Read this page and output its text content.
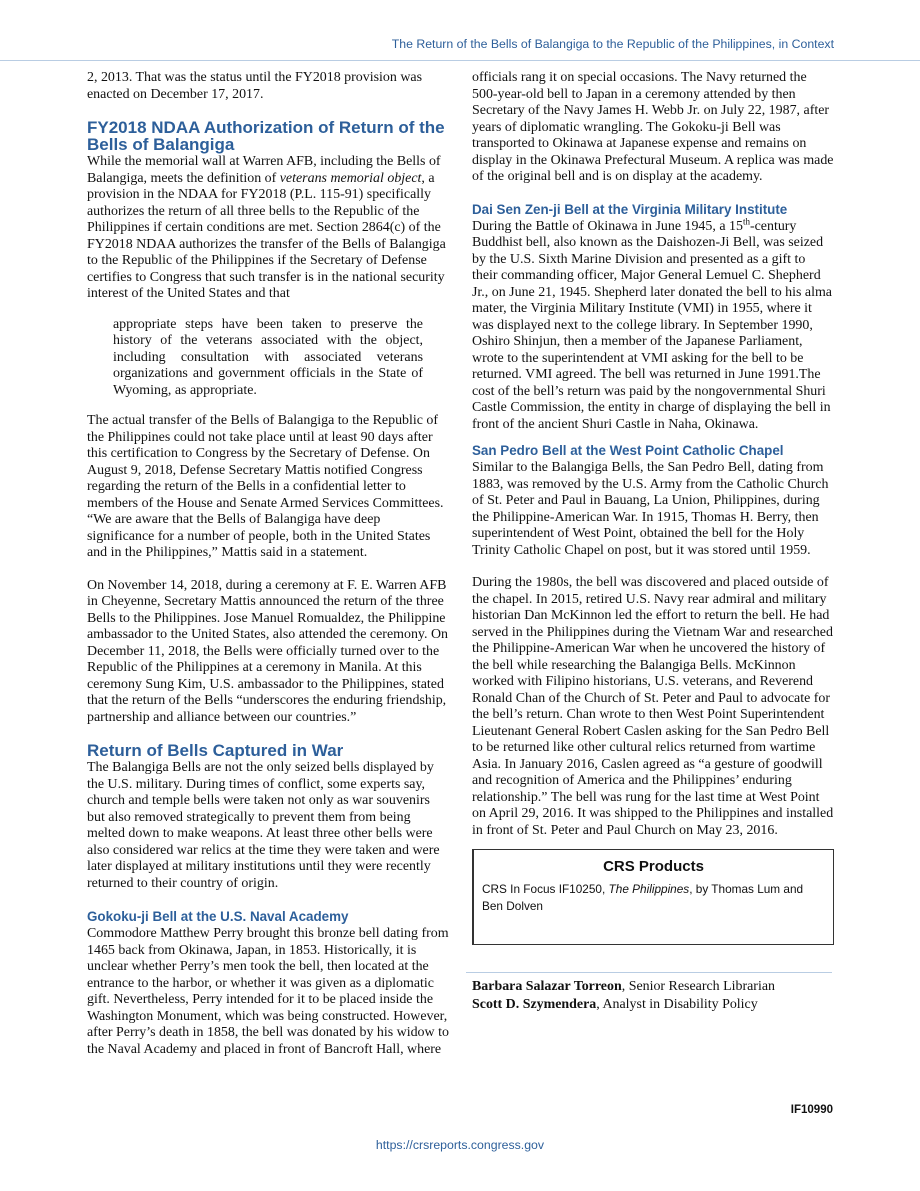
The Return of the Bells of Balangiga to the Republic of the Philippines, in Context

2, 2013. That was the status until the FY2018 provision was enacted on December 17, 2017.

FY2018 NDAA Authorization of Return of the Bells of Balangiga

While the memorial wall at Warren AFB, including the Bells of Balangiga, meets the definition of veterans memorial object, a provision in the NDAA for FY2018 (P.L. 115-91) specifically authorizes the return of all three bells to the Republic of the Philippines if certain conditions are met. Section 2864(c) of the FY2018 NDAA authorizes the transfer of the Bells of Balangiga to the Republic of the Philippines if the Secretary of Defense certifies to Congress that such transfer is in the national security interest of the United States and that

appropriate steps have been taken to preserve the history of the veterans associated with the object, including consultation with associated veterans organizations and government officials in the State of Wyoming, as appropriate.

The actual transfer of the Bells of Balangiga to the Republic of the Philippines could not take place until at least 90 days after this certification to Congress by the Secretary of Defense. On August 9, 2018, Defense Secretary Mattis notified Congress regarding the return of the Bells in a confidential letter to members of the House and Senate Armed Services Committees. “We are aware that the Bells of Balangiga have deep significance for a number of people, both in the United States and in the Philippines,” Mattis said in a statement.

On November 14, 2018, during a ceremony at F. E. Warren AFB in Cheyenne, Secretary Mattis announced the return of the three Bells to the Philippines. Jose Manuel Romualdez, the Philippine ambassador to the United States, also attended the ceremony. On December 11, 2018, the Bells were officially turned over to the Republic of the Philippines at a ceremony in Manila. At this ceremony Sung Kim, U.S. ambassador to the Philippines, stated that the return of the Bells “underscores the enduring friendship, partnership and alliance between our countries.”

Return of Bells Captured in War

The Balangiga Bells are not the only seized bells displayed by the U.S. military. During times of conflict, some experts say, church and temple bells were taken not only as war souvenirs but also removed strategically to prevent them from being melted down to make weapons. At least three other bells were also considered war relics at the time they were taken and were later displayed at military institutions until they were recently returned to their country of origin.

Gokoku-ji Bell at the U.S. Naval Academy

Commodore Matthew Perry brought this bronze bell dating from 1465 back from Okinawa, Japan, in 1853. Historically, it is unclear whether Perry’s men took the bell, then located at the entrance to the harbor, or whether it was given as a diplomatic gift. Nevertheless, Perry intended for it to be placed inside the Washington Monument, which was being constructed. However, after Perry’s death in 1858, the bell was donated by his widow to the Naval Academy and placed in front of Bancroft Hall, where

officials rang it on special occasions. The Navy returned the 500-year-old bell to Japan in a ceremony attended by then Secretary of the Navy James H. Webb Jr. on July 22, 1987, after years of diplomatic wrangling. The Gokoku-ji Bell was transported to Okinawa at Japanese expense and remains on display in the Okinawa Prefectural Museum. A replica was made of the original bell and is on display at the academy.

Dai Sen Zen-ji Bell at the Virginia Military Institute

During the Battle of Okinawa in June 1945, a 15th-century Buddhist bell, also known as the Daishozen-Ji Bell, was seized by the U.S. Sixth Marine Division and presented as a gift to their commanding officer, Major General Lemuel C. Shepherd Jr., on June 21, 1945. Shepherd later donated the bell to his alma mater, the Virginia Military Institute (VMI) in 1955, where it was displayed next to the college library. In September 1990, Oshiro Shinjun, then a member of the Japanese Parliament, wrote to the superintendent at VMI asking for the bell to be returned. VMI agreed. The bell was returned in June 1991.The cost of the bell’s return was paid by the nongovernmental Shuri Castle Commission, the entity in charge of displaying the bell in front of the ancient Shuri Castle in Naha, Okinawa.

San Pedro Bell at the West Point Catholic Chapel

Similar to the Balangiga Bells, the San Pedro Bell, dating from 1883, was removed by the U.S. Army from the Catholic Church of St. Peter and Paul in Bauang, La Union, Philippines, during the Philippine-American War. In 1915, Thomas H. Berry, then superintendent of West Point, obtained the bell for the Holy Trinity Catholic Chapel on post, but it was stored until 1959.

During the 1980s, the bell was discovered and placed outside of the chapel. In 2015, retired U.S. Navy rear admiral and military historian Dan McKinnon led the effort to return the bell. He had served in the Philippines during the Vietnam War and researched the Philippine-American War when he uncovered the history of the bell while researching the Balangiga Bells. McKinnon worked with Filipino historians, U.S. veterans, and Reverend Ronald Chan of the Church of St. Peter and Paul to advocate for the bell’s return. Chan wrote to then West Point Superintendent Lieutenant General Robert Caslen asking for the San Pedro Bell to be returned like other cultural relics returned from wartime Asia. In January 2016, Caslen agreed as “a gesture of goodwill and recognition of America and the Philippines’ enduring relationship.” The bell was rung for the last time at West Point on April 29, 2016. It was shipped to the Philippines and installed in front of St. Peter and Paul Church on May 23, 2016.

CRS Products
CRS In Focus IF10250, The Philippines, by Thomas Lum and Ben Dolven
Barbara Salazar Torreon, Senior Research Librarian
Scott D. Szymendera, Analyst in Disability Policy
IF10990
https://crsreports.congress.gov
